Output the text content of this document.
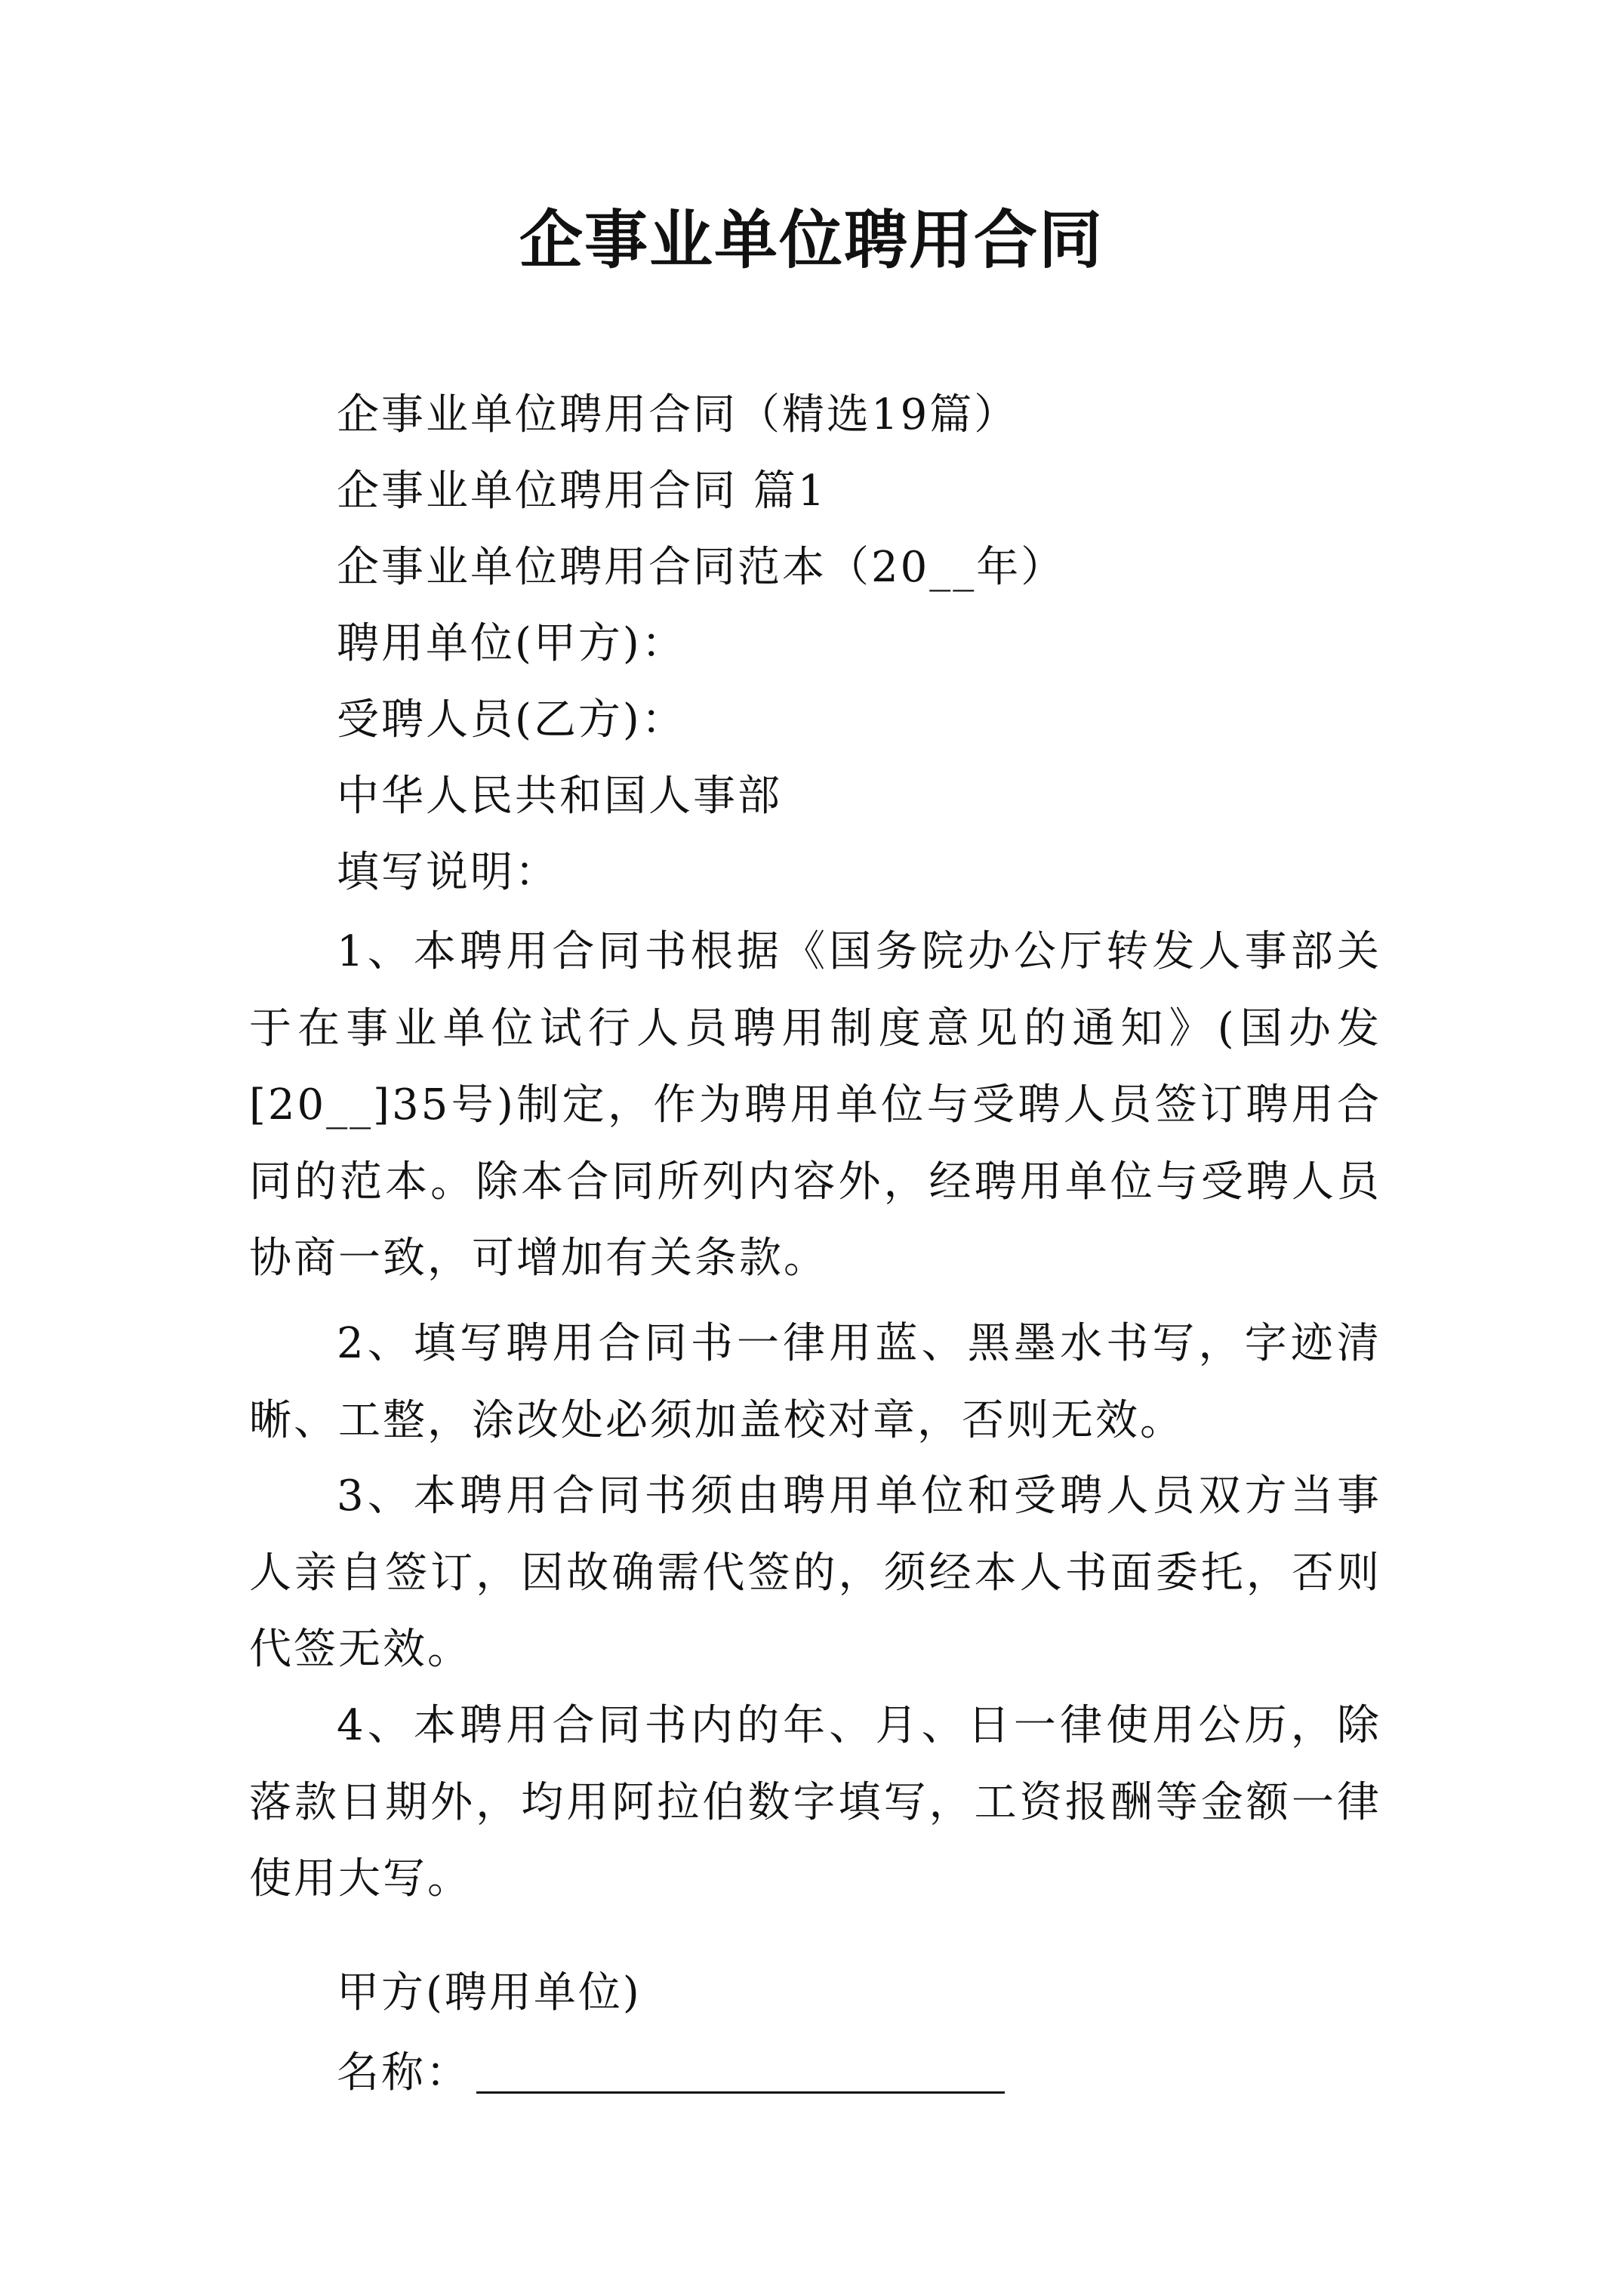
企事业单位聘用合同

企事业单位聘用合同（精选19篇）

企事业单位聘用合同 篇1

企事业单位聘用合同范本（20__年）

聘用单位(甲方)：

受聘人员(乙方)：

中华人民共和国人事部

填写说明：

1、本聘用合同书根据《国务院办公厅转发人事部关于在事业单位试行人员聘用制度意见的通知》(国办发[20__]35号)制定，作为聘用单位与受聘人员签订聘用合同的范本。除本合同所列内容外，经聘用单位与受聘人员协商一致，可增加有关条款。

2、填写聘用合同书一律用蓝、黑墨水书写，字迹清晰、工整，涂改处必须加盖校对章，否则无效。

3、本聘用合同书须由聘用单位和受聘人员双方当事人亲自签订，因故确需代签的，须经本人书面委托，否则代签无效。

4、本聘用合同书内的年、月、日一律使用公历，除落款日期外，均用阿拉伯数字填写，工资报酬等金额一律使用大写。

甲方(聘用单位)

名称：
